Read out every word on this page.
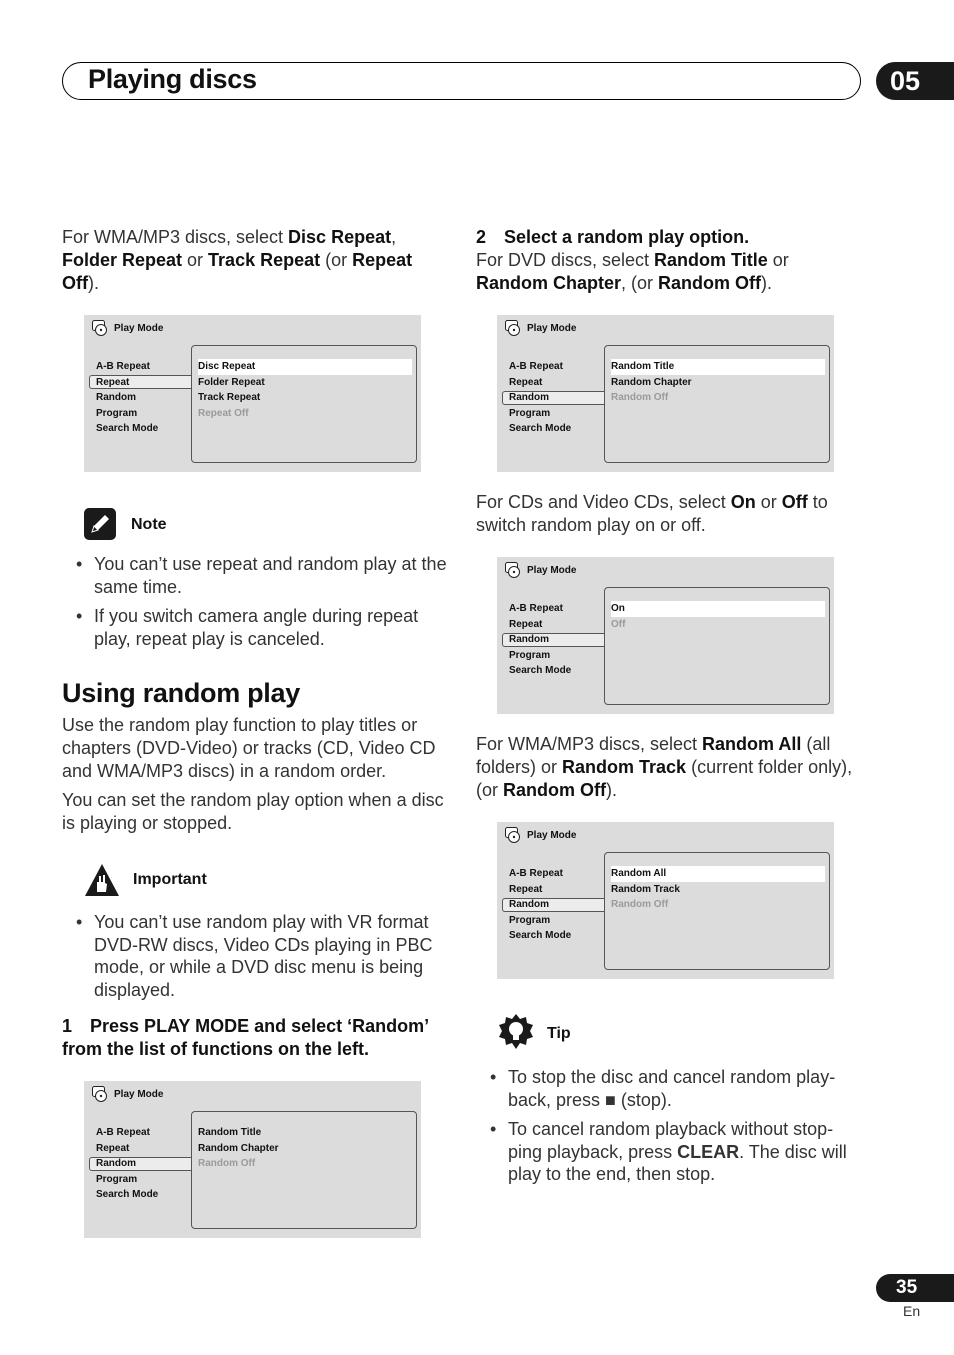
Playing discs	05
For WMA/MP3 discs, select Disc Repeat, Folder Repeat or Track Repeat (or Repeat Off).
Play Mode
A-B Repeat
Repeat
Random
Program
Search Mode
Disc Repeat
Folder Repeat
Track Repeat
Repeat Off
Note
• You can’t use repeat and random play at the same time.
• If you switch camera angle during repeat play, repeat play is canceled.
Using random play
Use the random play function to play titles or chapters (DVD-Video) or tracks (CD, Video CD and WMA/MP3 discs) in a random order.
You can set the random play option when a disc is playing or stopped.
Important
• You can’t use random play with VR format DVD-RW discs, Video CDs playing in PBC mode, or while a DVD disc menu is being displayed.
1 Press PLAY MODE and select ‘Random’ from the list of functions on the left.
Play Mode
A-B Repeat
Repeat
Random
Program
Search Mode
Random Title
Random Chapter
Random Off
2 Select a random play option.
For DVD discs, select Random Title or Random Chapter, (or Random Off).
Play Mode
A-B Repeat
Repeat
Random
Program
Search Mode
Random Title
Random Chapter
Random Off
For CDs and Video CDs, select On or Off to switch random play on or off.
Play Mode
A-B Repeat
Repeat
Random
Program
Search Mode
On
Off
For WMA/MP3 discs, select Random All (all folders) or Random Track (current folder only), (or Random Off).
Play Mode
A-B Repeat
Repeat
Random
Program
Search Mode
Random All
Random Track
Random Off
Tip
• To stop the disc and cancel random play-back, press ■ (stop).
• To cancel random playback without stop-ping playback, press CLEAR. The disc will play to the end, then stop.
35
En
